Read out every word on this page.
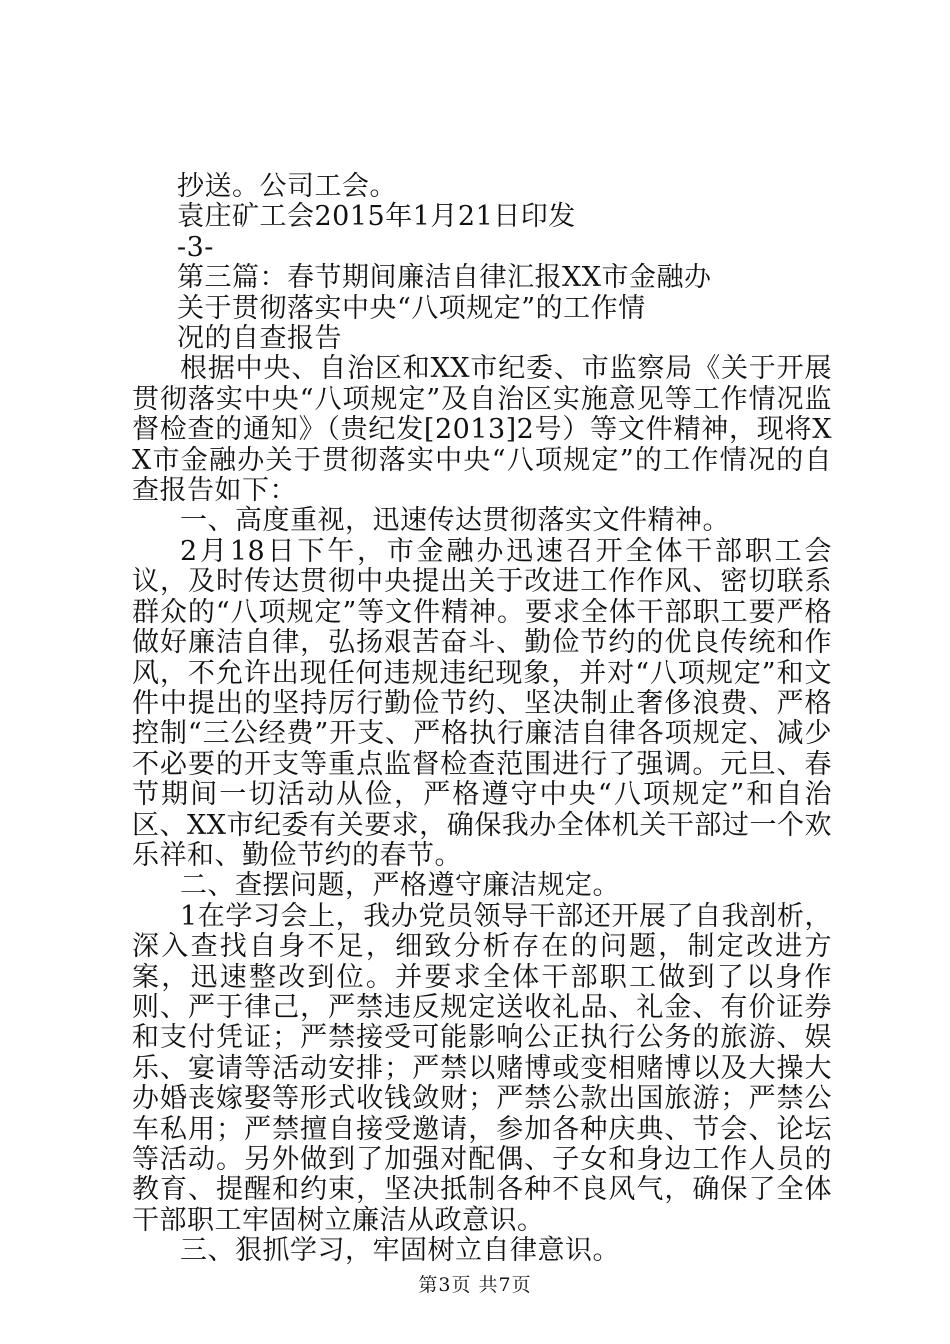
抄送。公司工会。

袁庄矿工会2015年1月21日印发

-3-

第三篇：春节期间廉洁自律汇报XX市金融办

关于贯彻落实中央“八项规定”的工作情

况的自查报告

根据中央、自治区和XX市纪委、市监察局《关于开展贯彻落实中央“八项规定”及自治区实施意见等工作情况监督检查的通知》（贵纪发[2013]2号）等文件精神，现将XX市金融办关于贯彻落实中央“八项规定”的工作情况的自查报告如下：

一、高度重视，迅速传达贯彻落实文件精神。

2月18日下午，市金融办迅速召开全体干部职工会议，及时传达贯彻中央提出关于改进工作作风、密切联系群众的“八项规定”等文件精神。要求全体干部职工要严格做好廉洁自律，弘扬艰苦奋斗、勤俭节约的优良传统和作风，不允许出现任何违规违纪现象，并对“八项规定”和文件中提出的坚持厉行勤俭节约、坚决制止奢侈浪费、严格控制“三公经费”开支、严格执行廉洁自律各项规定、减少不必要的开支等重点监督检查范围进行了强调。元旦、春节期间一切活动从俭，严格遵守中央“八项规定”和自治区、XX市纪委有关要求，确保我办全体机关干部过一个欢乐祥和、勤俭节约的春节。

二、查摆问题，严格遵守廉洁规定。

1在学习会上，我办党员领导干部还开展了自我剖析，深入查找自身不足，细致分析存在的问题，制定改进方案，迅速整改到位。并要求全体干部职工做到了以身作则、严于律己，严禁违反规定送收礼品、礼金、有价证券和支付凭证；严禁接受可能影响公正执行公务的旅游、娱乐、宴请等活动安排；严禁以赌博或变相赌博以及大操大办婚丧嫁娶等形式收钱敛财；严禁公款出国旅游；严禁公车私用；严禁擅自接受邀请，参加各种庆典、节会、论坛等活动。另外做到了加强对配偶、子女和身边工作人员的教育、提醒和约束，坚决抵制各种不良风气，确保了全体干部职工牢固树立廉洁从政意识。

三、狠抓学习，牢固树立自律意识。

第3页 共7页
